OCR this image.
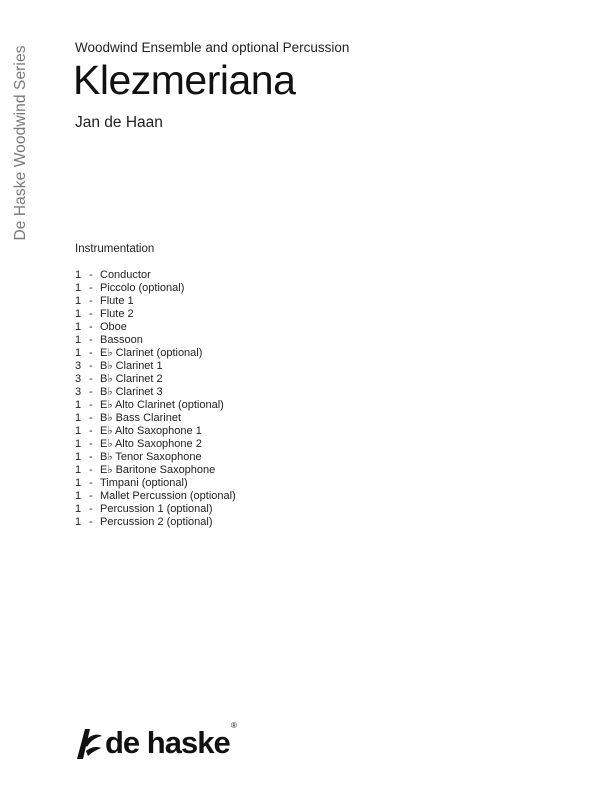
De Haske Woodwind Series	Woodwind Ensemble and optional Percussion
Klezmeriana
Jan de Haan
Instrumentation
1 - Conductor
1 - Piccolo (optional)
1 - Flute 1
1 - Flute 2
1 - Oboe
1 - Bassoon
1 - E♭ Clarinet (optional)
3 - B♭ Clarinet 1
3 - B♭ Clarinet 2
3 - B♭ Clarinet 3
1 - E♭ Alto Clarinet (optional)
1 - B♭ Bass Clarinet
1 - E♭ Alto Saxophone 1
1 - E♭ Alto Saxophone 2
1 - B♭ Tenor Saxophone
1 - E♭ Baritone Saxophone
1 - Timpani (optional)
1 - Mallet Percussion (optional)
1 - Percussion 1 (optional)
1 - Percussion 2 (optional)
de haske ®
